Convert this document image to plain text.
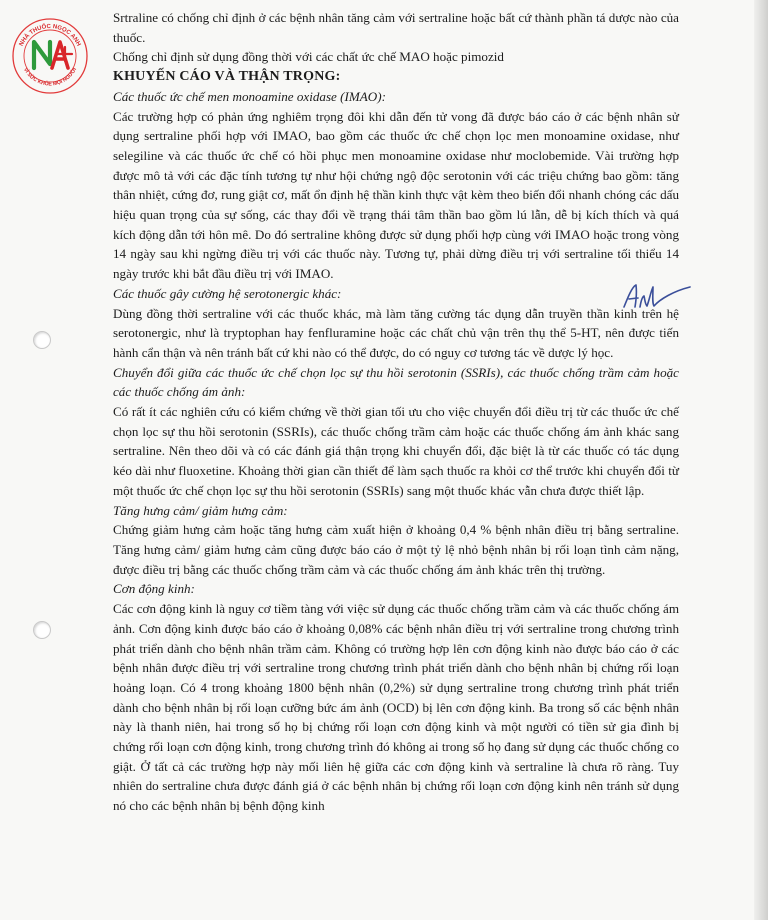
NHÀ THUỐC NGỌC ANH
VÌ SỨC KHỎE MỌI NGƯỜI

Srtraline có chống chỉ định ở các bệnh nhân tăng cảm với sertraline hoặc bất cứ thành phần tá dược nào của thuốc.

Chống chỉ định sử dụng đồng thời với các chất ức chế MAO hoặc pimozid

KHUYẾN CÁO VÀ THẬN TRỌNG:

Các thuốc ức chế men monoamine oxidase (IMAO):

Các trường hợp có phản ứng nghiêm trọng đôi khi dẫn đến tử vong đã được báo cáo ở các bệnh nhân sử dụng sertraline phối hợp với IMAO, bao gồm các thuốc ức chế chọn lọc men monoamine oxidase, như selegiline và các thuốc ức chế có hồi phục men monoamine oxidase như moclobemide. Vài trường hợp được mô tả với các đặc tính tương tự như hội chứng ngộ độc serotonin với các triệu chứng bao gồm: tăng thân nhiệt, cứng đơ, rung giật cơ, mất ổn định hệ thần kinh thực vật kèm theo biến đổi nhanh chóng các dấu hiệu quan trọng của sự sống, các thay đổi về trạng thái tâm thần bao gồm lú lẫn, dễ bị kích thích và quá kích động dẫn tới hôn mê. Do đó sertraline không được sử dụng phối hợp cùng với IMAO hoặc trong vòng 14 ngày sau khi ngừng điều trị với các thuốc này. Tương tự, phải dừng điều trị với sertraline tối thiểu 14 ngày trước khi bắt đầu điều trị với IMAO.

Các thuốc gây cường hệ serotonergic khác:

Dùng đồng thời sertraline với các thuốc khác, mà làm tăng cường tác dụng dẫn truyền thần kinh trên hệ serotonergic, như là tryptophan hay fenfluramine hoặc các chất chủ vận trên thụ thể 5-HT, nên được tiến hành cẩn thận và nên tránh bất cứ khi nào có thể được, do có nguy cơ tương tác về dược lý học.

Chuyển đổi giữa các thuốc ức chế chọn lọc sự thu hồi serotonin (SSRIs), các thuốc chống trầm cảm hoặc các thuốc chống ám ảnh:

Có rất ít các nghiên cứu có kiểm chứng về thời gian tối ưu cho việc chuyển đổi điều trị từ các thuốc ức chế chọn lọc sự thu hồi serotonin (SSRIs), các thuốc chống trầm cảm hoặc các thuốc chống ám ảnh khác sang sertraline. Nên theo dõi và có các đánh giá thận trọng khi chuyển đổi, đặc biệt là từ các thuốc có tác dụng kéo dài như fluoxetine. Khoảng thời gian cần thiết để làm sạch thuốc ra khỏi cơ thể trước khi chuyển đổi từ một thuốc ức chế chọn lọc sự thu hồi serotonin (SSRIs) sang một thuốc khác vẫn chưa được thiết lập.

Tăng hưng cảm/ giảm hưng cảm:

Chứng giảm hưng cảm hoặc tăng hưng cảm xuất hiện ở khoảng 0,4 % bệnh nhân điều trị bằng sertraline. Tăng hưng cảm/ giảm hưng cảm cũng được báo cáo ở một tỷ lệ nhỏ bệnh nhân bị rối loạn tình cảm nặng, được điều trị bằng các thuốc chống trầm cảm và các thuốc chống ám ảnh khác trên thị trường.

Cơn động kinh:

Các cơn động kinh là nguy cơ tiềm tàng với việc sử dụng các thuốc chống trầm cảm và các thuốc chống ám ảnh. Cơn động kinh được báo cáo ở khoảng 0,08% các bệnh nhân điều trị với sertraline trong chương trình phát triển dành cho bệnh nhân trầm cảm. Không có trường hợp lên cơn động kinh nào được báo cáo ở các bệnh nhân được điều trị với sertraline trong chương trình phát triển dành cho bệnh nhân bị chứng rối loạn hoảng loạn. Có 4 trong khoảng 1800 bệnh nhân (0,2%) sử dụng sertraline trong chương trình phát triển dành cho bệnh nhân bị rối loạn cưỡng bức ám ảnh (OCD) bị lên cơn động kinh. Ba trong số các bệnh nhân này là thanh niên, hai trong số họ bị chứng rối loạn cơn động kinh và một người có tiền sử gia đình bị chứng rối loạn cơn động kinh, trong chương trình đó không ai trong số họ đang sử dụng các thuốc chống co giật. Ở tất cả các trường hợp này mối liên hệ giữa các cơn động kinh và sertraline là chưa rõ ràng. Tuy nhiên do sertraline chưa được đánh giá ở các bệnh nhân bị chứng rối loạn cơn động kinh nên tránh sử dụng nó cho các bệnh nhân bị bệnh động kinh
